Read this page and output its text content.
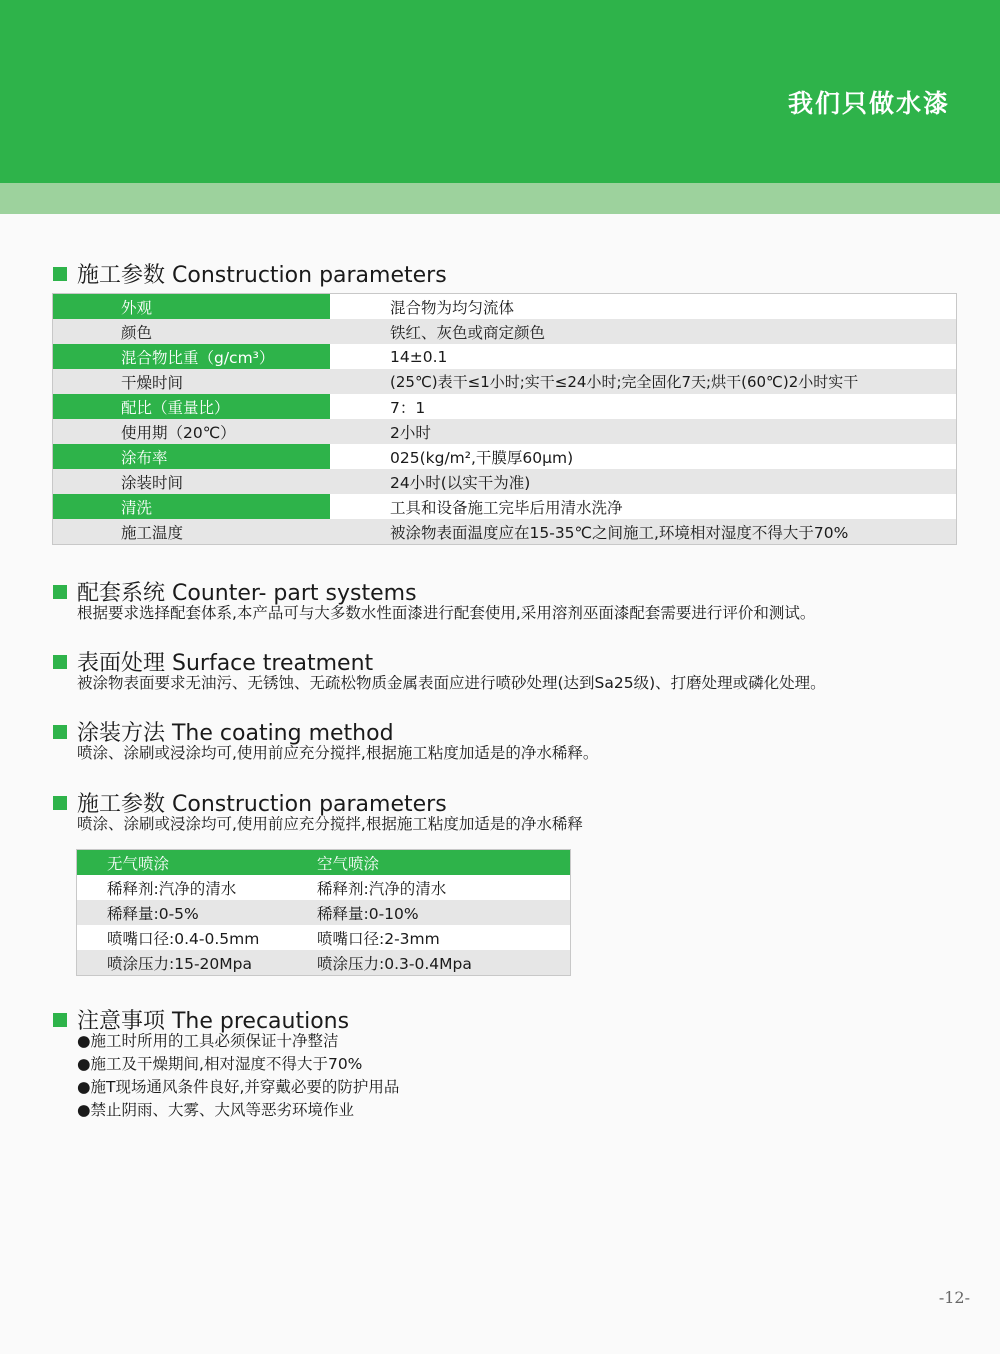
我们只做水漆
施工参数 Construction parameters
外观	混合物为均匀流体
颜色	铁红、灰色或商定颜色
混合物比重（g/cm³）	14±0.1
干燥时间	(25℃)表干≤1小时;实干≤24小时;完全固化7天;烘干(60℃)2小时实干
配比（重量比）	7：1
使用期（20℃）	2小时
涂布率	025(kg/m²,干膜厚60μm)
涂装时间	24小时(以实干为准)
清洗	工具和设备施工完毕后用清水洗净
施工温度	被涂物表面温度应在15-35℃之间施工,环境相对湿度不得大于70%
配套系统 Counter- part systems
根据要求选择配套体系,本产品可与大多数水性面漆进行配套使用,采用溶剂巫面漆配套需要进行评价和测试。
表面处理 Surface treatment
被涂物表面要求无油污、无锈蚀、无疏松物质金属表面应进行喷砂处理(达到Sa25级)、打磨处理或磷化处理。
涂装方法 The coating method
喷涂、涂刷或浸涂均可,使用前应充分搅拌,根据施工粘度加适是的净水稀释。
施工参数 Construction parameters
喷涂、涂刷或浸涂均可,使用前应充分搅拌,根据施工粘度加适是的净水稀释
无气喷涂	空气喷涂
稀释剂:汽净的清水	稀释剂:汽净的清水
稀释量:0-5%	稀释量:0-10%
喷嘴口径:0.4-0.5mm	喷嘴口径:2-3mm
喷涂压力:15-20Mpa	喷涂压力:0.3-0.4Mpa
注意事项 The precautions
●施工时所用的工具必须保证十净整洁
●施工及干燥期间,相对湿度不得大于70%
●施T现场通风条件良好,并穿戴必要的防护用品
●禁止阴雨、大雾、大风等恶劣环境作业
-12-
